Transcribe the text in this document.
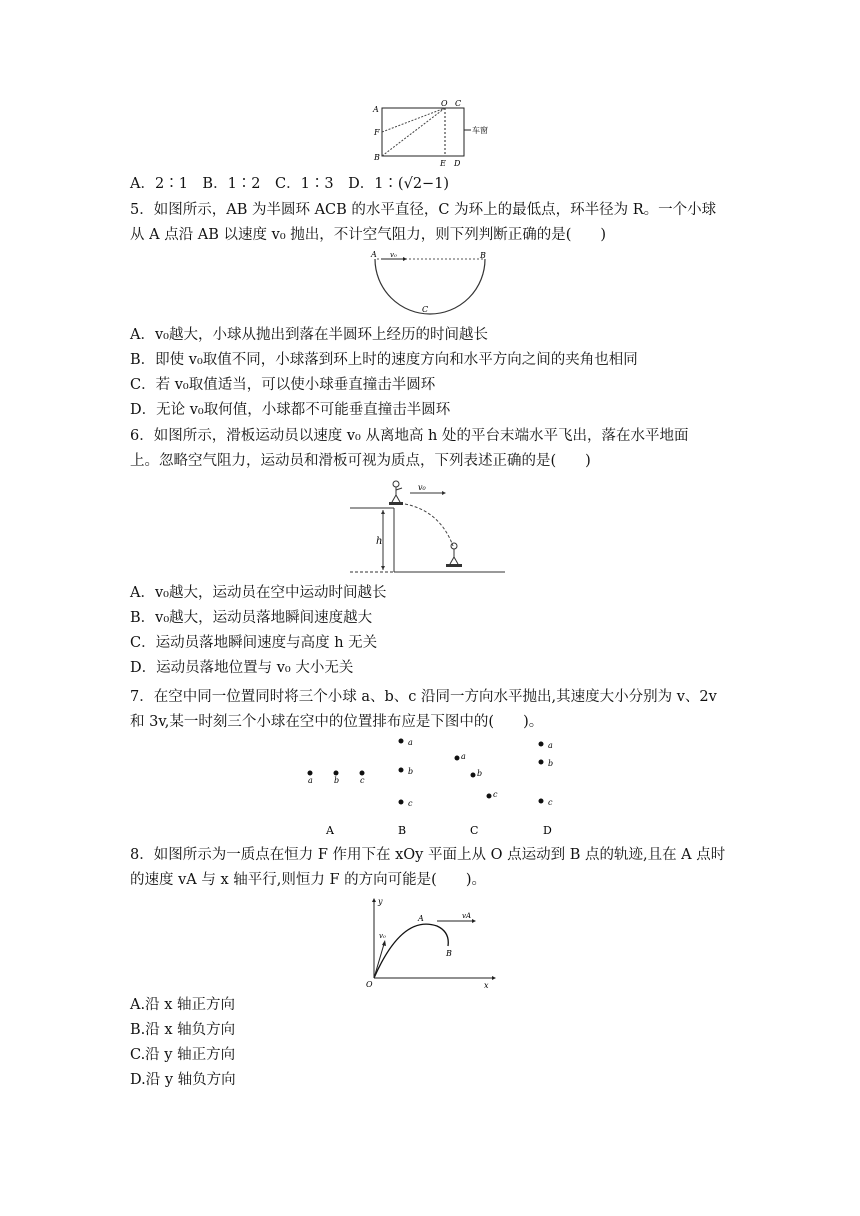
A
O C
F
B
E D
车窗
A．2∶1　B．1∶2　C．1∶3　D．1∶(√2−1)
5．如图所示，AB 为半圆环 ACB 的水平直径，C 为环上的最低点，环半径为 R。一个小球
从 A 点沿 AB 以速度 v₀ 抛出，不计空气阻力，则下列判断正确的是(　　)
A	B
v₀
C
A．v₀越大，小球从抛出到落在半圆环上经历的时间越长
B．即使 v₀取值不同，小球落到环上时的速度方向和水平方向之间的夹角也相同
C．若 v₀取值适当，可以使小球垂直撞击半圆环
D．无论 v₀取何值，小球都不可能垂直撞击半圆环
6．如图所示，滑板运动员以速度 v₀ 从离地高 h 处的平台末端水平飞出，落在水平地面
上。忽略空气阻力，运动员和滑板可视为质点，下列表述正确的是(　　)
h
v₀
A．v₀越大，运动员在空中运动时间越长
B．v₀越大，运动员落地瞬间速度越大
C．运动员落地瞬间速度与高度 h 无关
D．运动员落地位置与 v₀ 大小无关
7．在空中同一位置同时将三个小球 a、b、c 沿同一方向水平抛出,其速度大小分别为 v、2v
和 3v,某一时刻三个小球在空中的位置排布应是下图中的(　　)。
a	b	c
A
a
b
c
B
a
b
c
C
a
b
c
D
8．如图所示为一质点在恒力 F 作用下在 xOy 平面上从 O 点运动到 B 点的轨迹,且在 A 点时
的速度 vA 与 x 轴平行,则恒力 F 的方向可能是(　　)。
y
x
O
v₀
A	vA
B
A.沿 x 轴正方向
B.沿 x 轴负方向
C.沿 y 轴正方向
D.沿 y 轴负方向
